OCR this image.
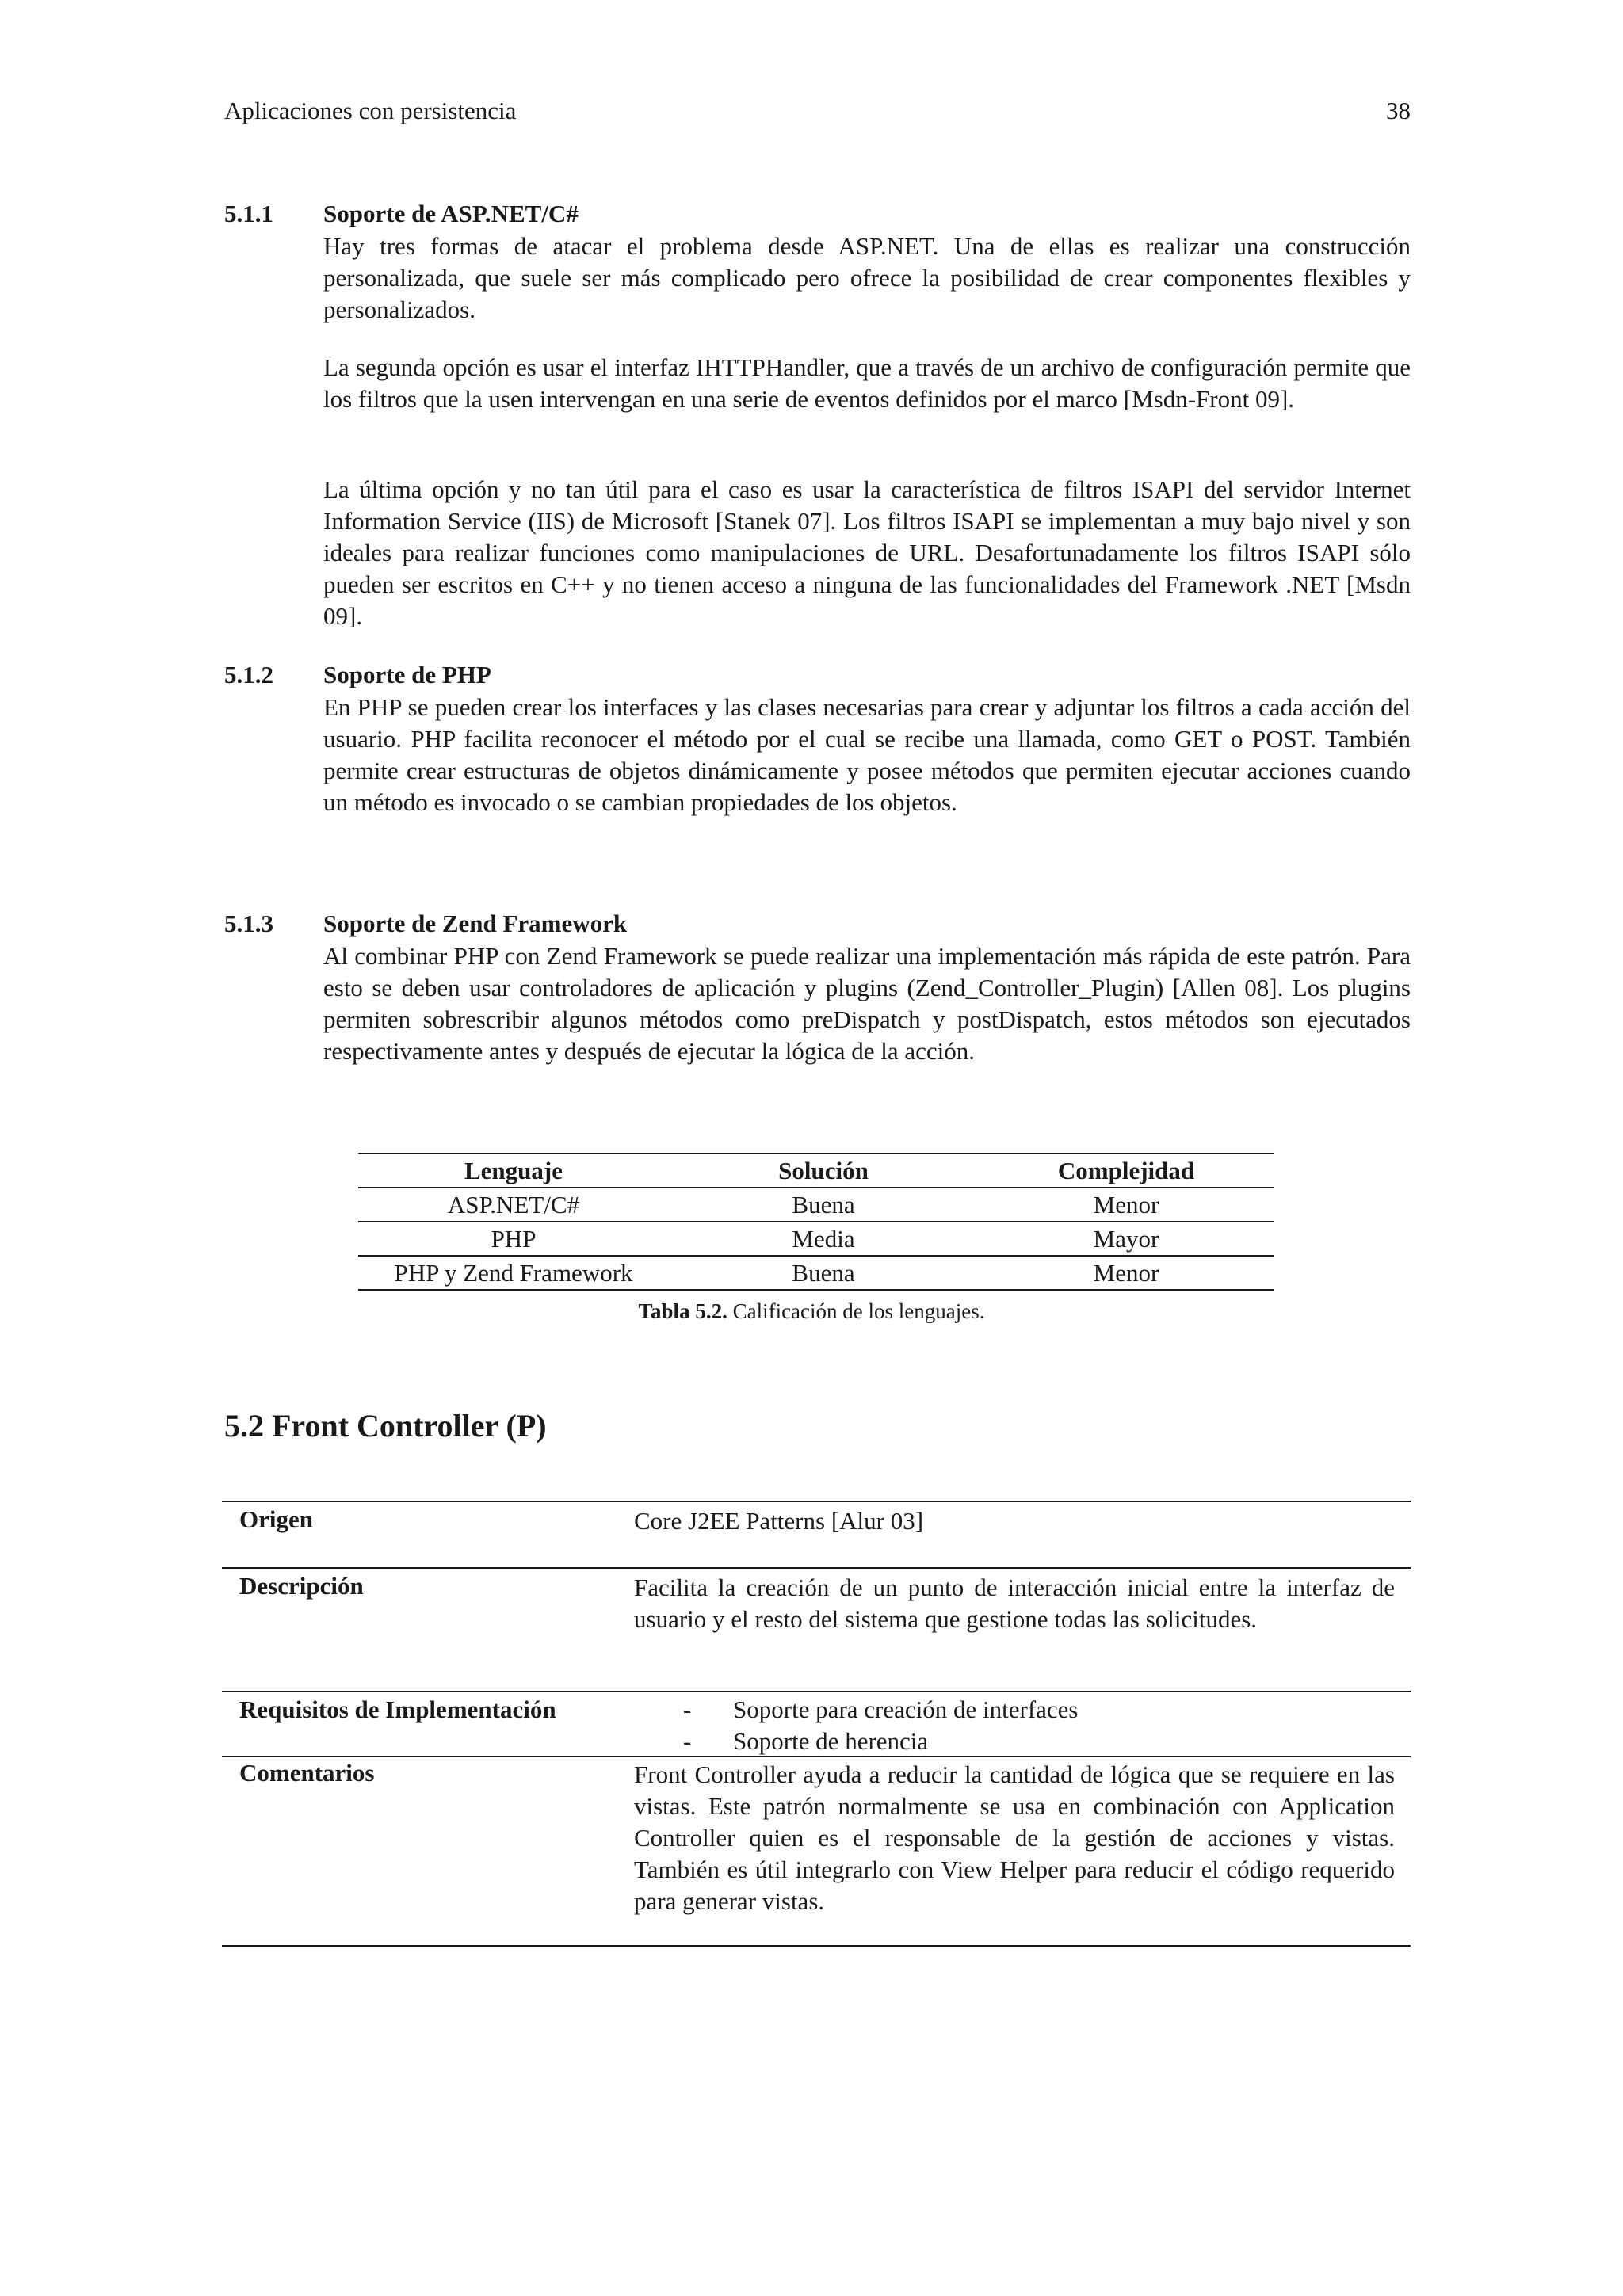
Aplicaciones con persistencia	38
5.1.1 Soporte de ASP.NET/C#
Hay tres formas de atacar el problema desde ASP.NET. Una de ellas es realizar una construcción personalizada, que suele ser más complicado pero ofrece la posibilidad de crear componentes flexibles y personalizados.
La segunda opción es usar el interfaz IHTTPHandler, que a través de un archivo de configuración permite que los filtros que la usen intervengan en una serie de eventos definidos por el marco [Msdn-Front 09].
La última opción y no tan útil para el caso es usar la característica de filtros ISAPI del servidor Internet Information Service (IIS) de Microsoft [Stanek 07]. Los filtros ISAPI se implementan a muy bajo nivel y son ideales para realizar funciones como manipulaciones de URL. Desafortunadamente los filtros ISAPI sólo pueden ser escritos en C++ y no tienen acceso a ninguna de las funcionalidades del Framework .NET [Msdn 09].
5.1.2 Soporte de PHP
En PHP se pueden crear los interfaces y las clases necesarias para crear y adjuntar los filtros a cada acción del usuario. PHP facilita reconocer el método por el cual se recibe una llamada, como GET o POST. También permite crear estructuras de objetos dinámicamente y posee métodos que permiten ejecutar acciones cuando un método es invocado o se cambian propiedades de los objetos.
5.1.3 Soporte de Zend Framework
Al combinar PHP con Zend Framework se puede realizar una implementación más rápida de este patrón. Para esto se deben usar controladores de aplicación y plugins (Zend_Controller_Plugin) [Allen 08]. Los plugins permiten sobrescribir algunos métodos como preDispatch y postDispatch, estos métodos son ejecutados respectivamente antes y después de ejecutar la lógica de la acción.
Lenguaje	Solución	Complejidad
ASP.NET/C#	Buena	Menor
PHP	Media	Mayor
PHP y Zend Framework	Buena	Menor
Tabla 5.2. Calificación de los lenguajes.
5.2 Front Controller (P)
Origen	Core J2EE Patterns [Alur 03]
Descripción	Facilita la creación de un punto de interacción inicial entre la interfaz de usuario y el resto del sistema que gestione todas las solicitudes.
Requisitos de Implementación	- Soporte para creación de interfaces
- Soporte de herencia
Comentarios	Front Controller ayuda a reducir la cantidad de lógica que se requiere en las vistas. Este patrón normalmente se usa en combinación con Application Controller quien es el responsable de la gestión de acciones y vistas. También es útil integrarlo con View Helper para reducir el código requerido para generar vistas.
